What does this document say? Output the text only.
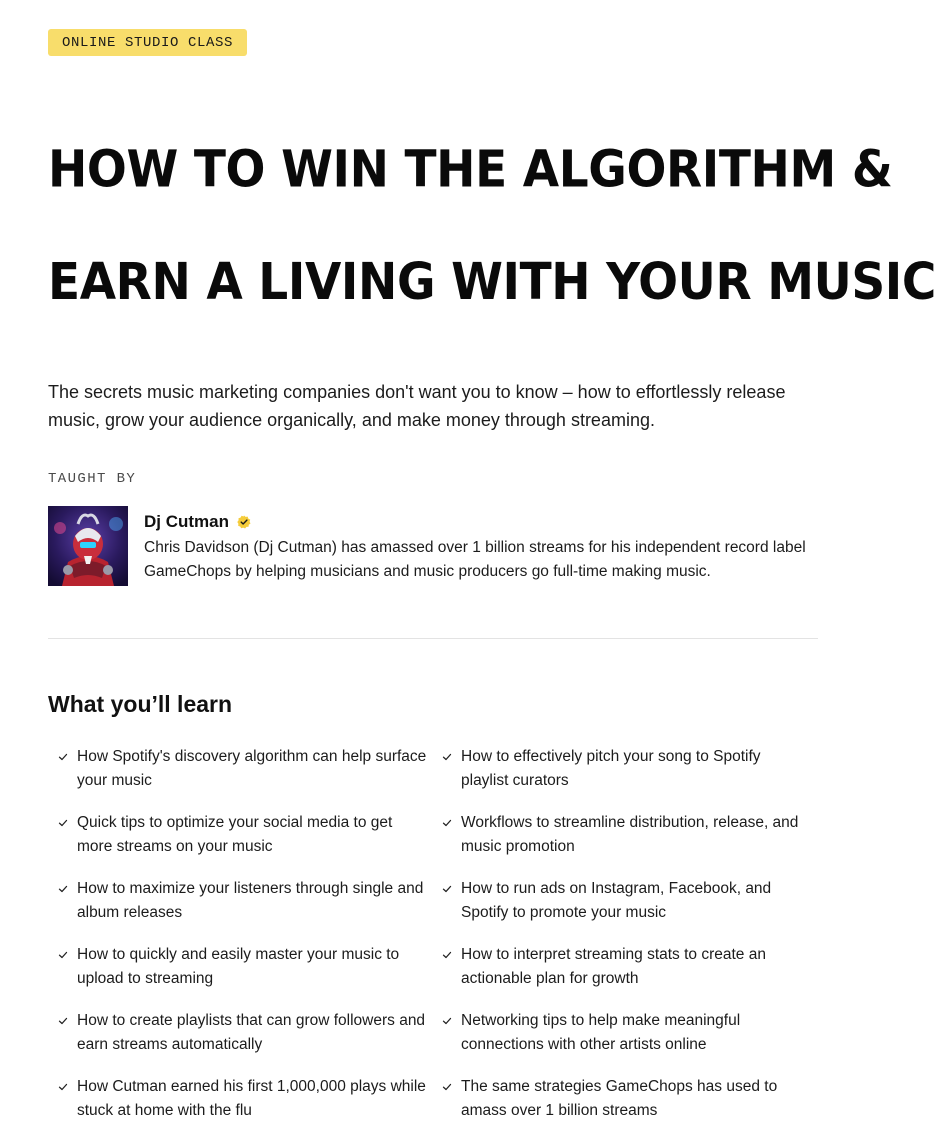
ONLINE STUDIO CLASS

HOW TO WIN THE ALGORITHM &

EARN A LIVING WITH YOUR MUSIC

The secrets music marketing companies don't want you to know – how to effortlessly release music, grow your audience organically, and make money through streaming.

TAUGHT BY
Dj Cutman

Chris Davidson (Dj Cutman) has amassed over 1 billion streams for his independent record label GameChops by helping musicians and music producers go full-time making music.

What you’ll learn
How Spotify's discovery algorithm can help surface your music
How to effectively pitch your song to Spotify playlist curators
Quick tips to optimize your social media to get more streams on your music
Workflows to streamline distribution, release, and music promotion
How to maximize your listeners through single and album releases
How to run ads on Instagram, Facebook, and Spotify to promote your music
How to quickly and easily master your music to upload to streaming
How to interpret streaming stats to create an actionable plan for growth
How to create playlists that can grow followers and earn streams automatically
Networking tips to help make meaningful connections with other artists online
How Cutman earned his first 1,000,000 plays while stuck at home with the flu
The same strategies GameChops has used to amass over 1 billion streams
